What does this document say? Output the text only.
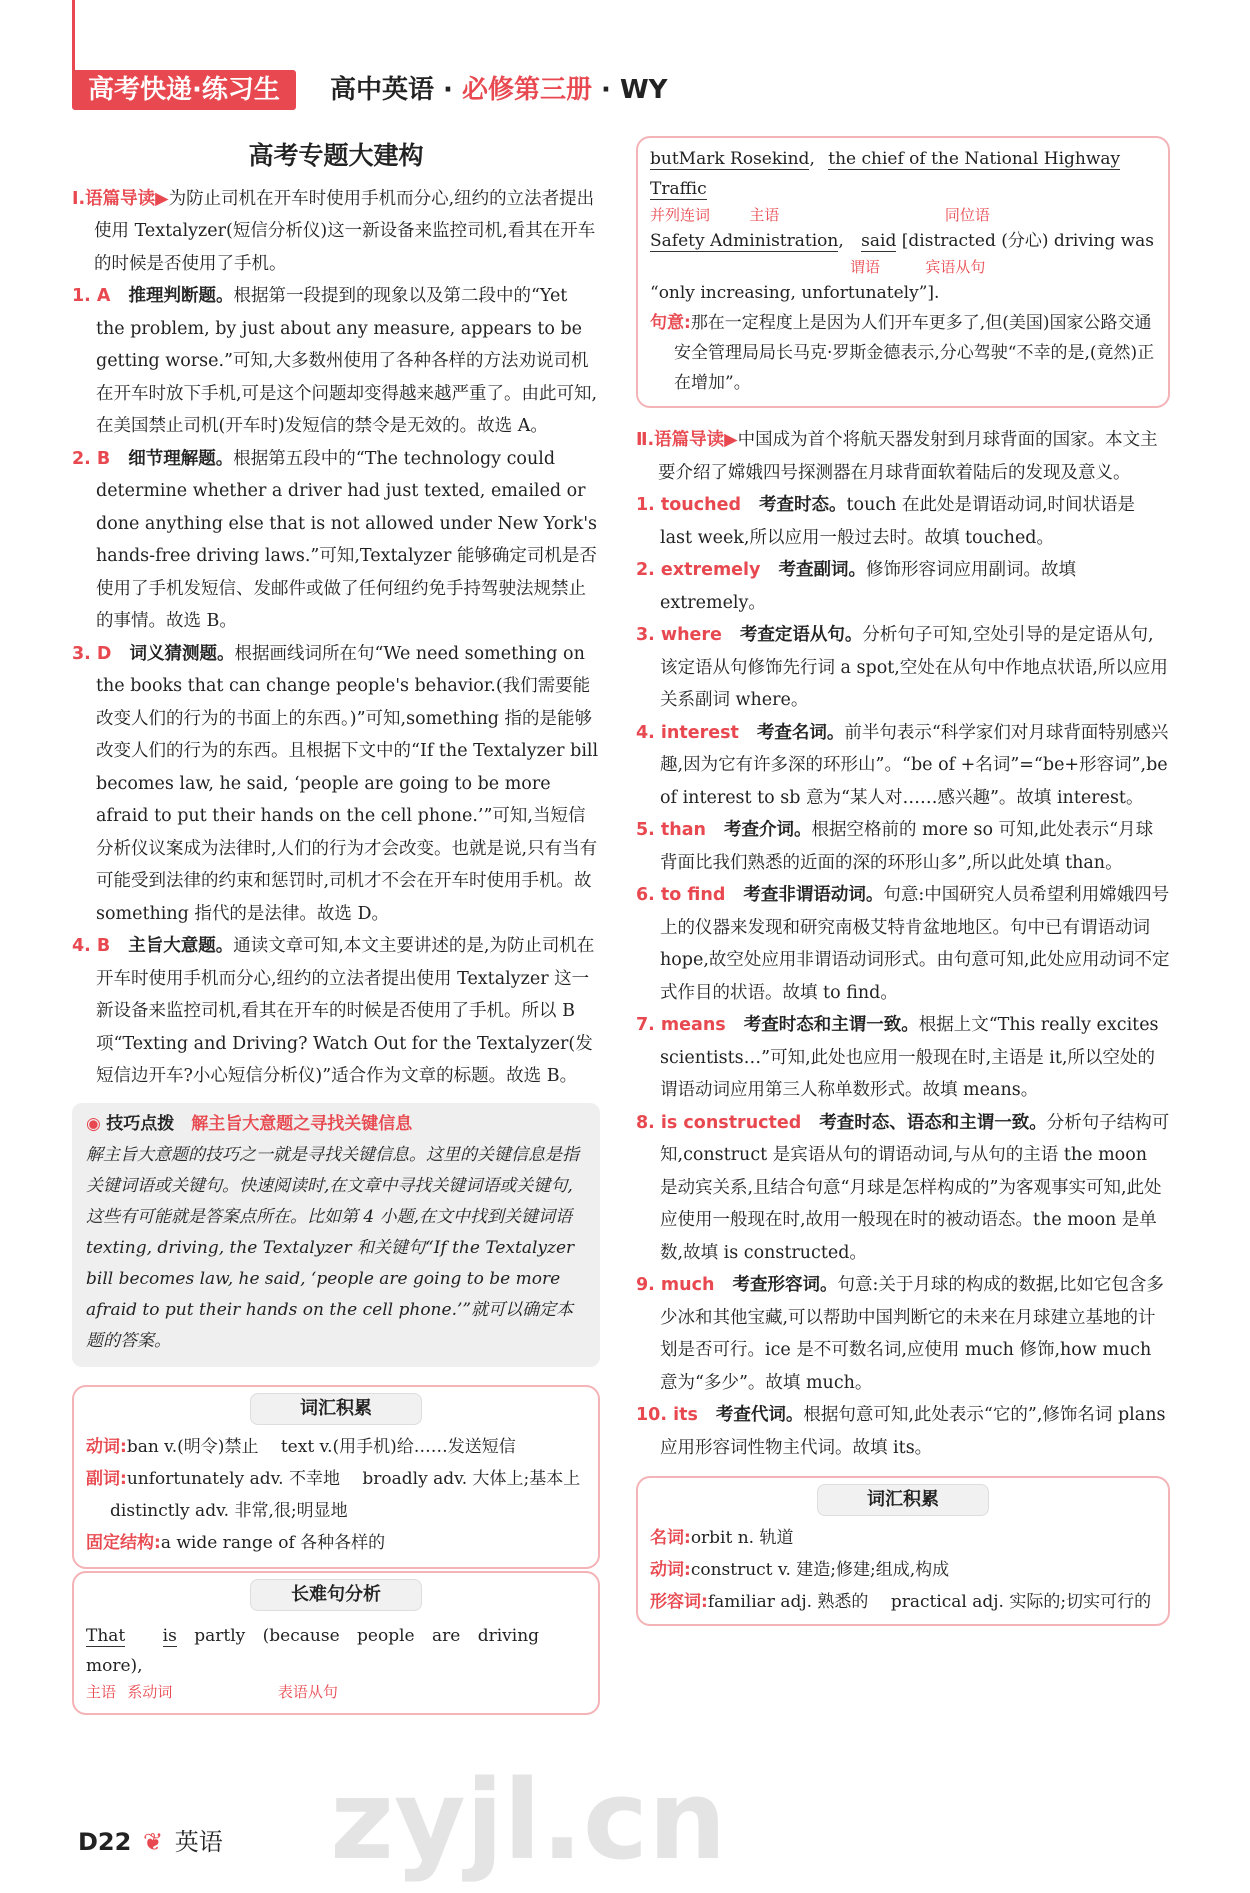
高考快递·练习生	高中英语 · 必修第三册 · WY

高考专题大建构

Ⅰ.语篇导读▶为防止司机在开车时使用手机而分心,纽约的立法者提出使用 Textalyzer(短信分析仪)这一新设备来监控司机,看其在开车的时候是否使用了手机。

1. A 推理判断题。根据第一段提到的现象以及第二段中的“Yet the problem, by just about any measure, appears to be getting worse.”可知,大多数州使用了各种各样的方法劝说司机在开车时放下手机,可是这个问题却变得越来越严重了。由此可知,在美国禁止司机(开车时)发短信的禁令是无效的。故选 A。

2. B 细节理解题。根据第五段中的“The technology could determine whether a driver had just texted, emailed or done anything else that is not allowed under New York's hands-free driving laws.”可知,Textalyzer 能够确定司机是否使用了手机发短信、发邮件或做了任何纽约免手持驾驶法规禁止的事情。故选 B。

3. D 词义猜测题。根据画线词所在句“We need something on the books that can change people's behavior.(我们需要能改变人们的行为的书面上的东西。)”可知,something 指的是能够改变人们的行为的东西。且根据下文中的“If the Textalyzer bill becomes law, he said, ‘people are going to be more afraid to put their hands on the cell phone.’”可知,当短信分析仪议案成为法律时,人们的行为才会改变。也就是说,只有当有可能受到法律的约束和惩罚时,司机才不会在开车时使用手机。故 something 指代的是法律。故选 D。

4. B 主旨大意题。通读文章可知,本文主要讲述的是,为防止司机在开车时使用手机而分心,纽约的立法者提出使用 Textalyzer 这一新设备来监控司机,看其在开车的时候是否使用了手机。所以 B 项“Texting and Driving? Watch Out for the Textalyzer(发短信边开车?小心短信分析仪)”适合作为文章的标题。故选 B。

◉ 技巧点拨　 解主旨大意题之寻找关键信息

解主旨大意题的技巧之一就是寻找关键信息。这里的关键信息是指关键词语或关键句。快速阅读时,在文章中寻找关键词语或关键句,这些有可能就是答案点所在。比如第 4 小题,在文中找到关键词语 texting, driving, the Textalyzer 和关键句“If the Textalyzer bill becomes law, he said, ‘people are going to be more afraid to put their hands on the cell phone.’”就可以确定本题的答案。

词汇积累

动词:ban v.(明令)禁止　 text v.(用手机)给……发送短信

副词:unfortunately adv. 不幸地　 broadly adv. 大体上;基本上　 distinctly adv. 非常,很;明显地

固定结构:a wide range of 各种各样的

长难句分析
That is partly (because people are driving more),
主语 系动词	表语从句
butMark Rosekind, the chief of the National Highway Traffic
并列连词	主语	同位语
Safety Administration, said [distracted (分心) driving was
谓语	宾语从句

“only increasing, unfortunately”].

句意:那在一定程度上是因为人们开车更多了,但(美国)国家公路交通安全管理局局长马克·罗斯金德表示,分心驾驶“不幸的是,(竟然)正在增加”。

Ⅱ.语篇导读▶中国成为首个将航天器发射到月球背面的国家。本文主要介绍了嫦娥四号探测器在月球背面软着陆后的发现及意义。

1. touched 考查时态。touch 在此处是谓语动词,时间状语是 last week,所以应用一般过去时。故填 touched。

2. extremely 考查副词。修饰形容词应用副词。故填 extremely。

3. where 考查定语从句。分析句子可知,空处引导的是定语从句,该定语从句修饰先行词 a spot,空处在从句中作地点状语,所以应用关系副词 where。

4. interest 考查名词。前半句表示“科学家们对月球背面特别感兴趣,因为它有许多深的环形山”。“be of +名词”=“be+形容词”,be of interest to sb 意为“某人对……感兴趣”。故填 interest。

5. than 考查介词。根据空格前的 more so 可知,此处表示“月球背面比我们熟悉的近面的深的环形山多”,所以此处填 than。

6. to find 考查非谓语动词。句意:中国研究人员希望利用嫦娥四号上的仪器来发现和研究南极艾特肯盆地地区。句中已有谓语动词 hope,故空处应用非谓语动词形式。由句意可知,此处应用动词不定式作目的状语。故填 to find。

7. means 考查时态和主谓一致。根据上文“This really excites scientists…”可知,此处也应用一般现在时,主语是 it,所以空处的谓语动词应用第三人称单数形式。故填 means。

8. is constructed 考查时态、语态和主谓一致。分析句子结构可知,construct 是宾语从句的谓语动词,与从句的主语 the moon 是动宾关系,且结合句意“月球是怎样构成的”为客观事实可知,此处应使用一般现在时,故用一般现在时的被动语态。the moon 是单数,故填 is constructed。

9. much 考查形容词。句意:关于月球的构成的数据,比如它包含多少冰和其他宝藏,可以帮助中国判断它的未来在月球建立基地的计划是否可行。ice 是不可数名词,应使用 much 修饰,how much 意为“多少”。故填 much。

10. its 考查代词。根据句意可知,此处表示“它的”,修饰名词 plans 应用形容词性物主代词。故填 its。

词汇积累

名词:orbit n. 轨道

动词:construct v. 建造;修建;组成,构成

形容词:familiar adj. 熟悉的　 practical adj. 实际的;切实可行的

zyjl.cn
D22 ❦ 英语
